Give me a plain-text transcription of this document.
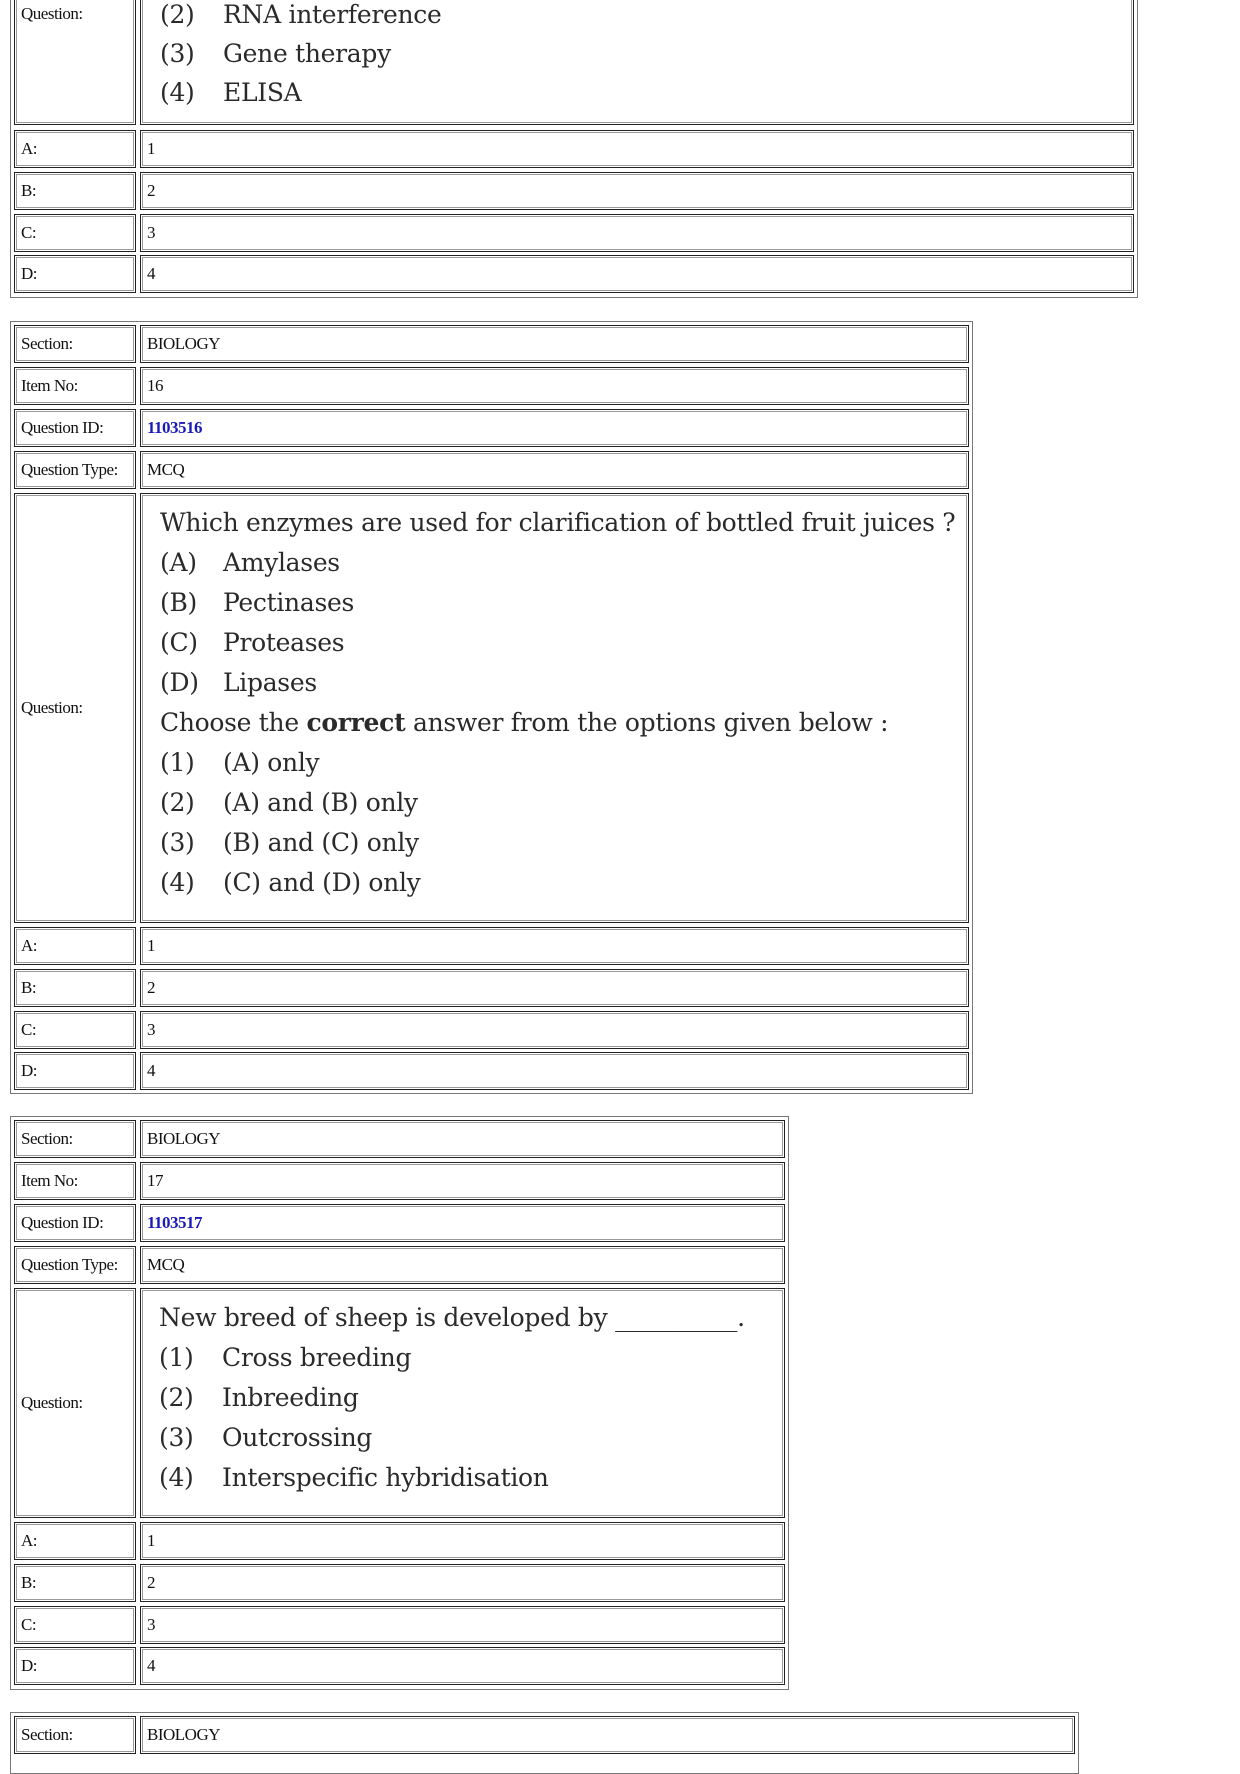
Question:	(2) RNA interference
(3) Gene therapy
(4) ELISA
A:	1
B:	2
C:	3
D:	4
Section:	BIOLOGY
Item No:	16
Question ID:	1103516
Question Type: MCQ
Question:
Which enzymes are used for clarification of bottled fruit juices ?
(A) Amylases
(B) Pectinases
(C) Proteases
(D) Lipases
Choose the correct answer from the options given below :
(1) (A) only
(2) (A) and (B) only
(3) (B) and (C) only
(4) (C) and (D) only
A:	1
B:	2
C:	3
D:	4
Section:	BIOLOGY
Item No:	17
Question ID:	1103517
Question Type: MCQ
Question:
New breed of sheep is developed by __________.
(1) Cross breeding
(2) Inbreeding
(3) Outcrossing
(4) Interspecific hybridisation
A:	1
B:	2
C:	3
D:	4
Section:	BIOLOGY
